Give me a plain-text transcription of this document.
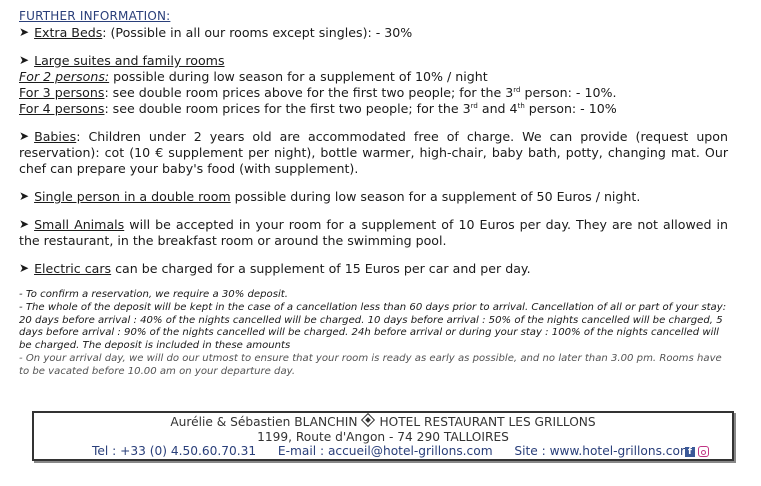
FURTHER INFORMATION:

➤ Extra Beds: (Possible in all our rooms except singles): - 30%

➤ Large suites and family rooms

For 2 persons: possible during low season for a supplement of 10% / night

For 3 persons: see double room prices above for the first two people; for the 3rd person: - 10%.

For 4 persons: see double room prices for the first two people; for the 3rd and 4th person: - 10%

➤ Babies: Children under 2 years old are accommodated free of charge. We can provide (request upon reservation): cot (10 € supplement per night), bottle warmer, high-chair, baby bath, potty, changing mat. Our chef can prepare your baby's food (with supplement).

➤ Single person in a double room possible during low season for a supplement of 50 Euros / night.

➤ Small Animals will be accepted in your room for a supplement of 10 Euros per day. They are not allowed in the restaurant, in the breakfast room or around the swimming pool.

➤ Electric cars can be charged for a supplement of 15 Euros per car and per day.

- To confirm a reservation, we require a 30% deposit.

- The whole of the deposit will be kept in the case of a cancellation less than 60 days prior to arrival. Cancellation of all or part of your stay: 20 days before arrival : 40% of the nights cancelled will be charged. 10 days before arrival : 50% of the nights cancelled will be charged, 5 days before arrival : 90% of the nights cancelled will be charged. 24h before arrival or during your stay : 100% of the nights cancelled will be charged. The deposit is included in these amounts

- On your arrival day, we will do our utmost to ensure that your room is ready as early as possible, and no later than 3.00 pm. Rooms have to be vacated before 10.00 am on your departure day.

Aurélie & Sébastien BLANCHIN HOTEL RESTAURANT LES GRILLONS
1199, Route d'Angon - 74 290 TALLOIRES
Tel : +33 (0) 4.50.60.70.31 E-mail : accueil@hotel-grillons.com Site : www.hotel-grillons.cor f
